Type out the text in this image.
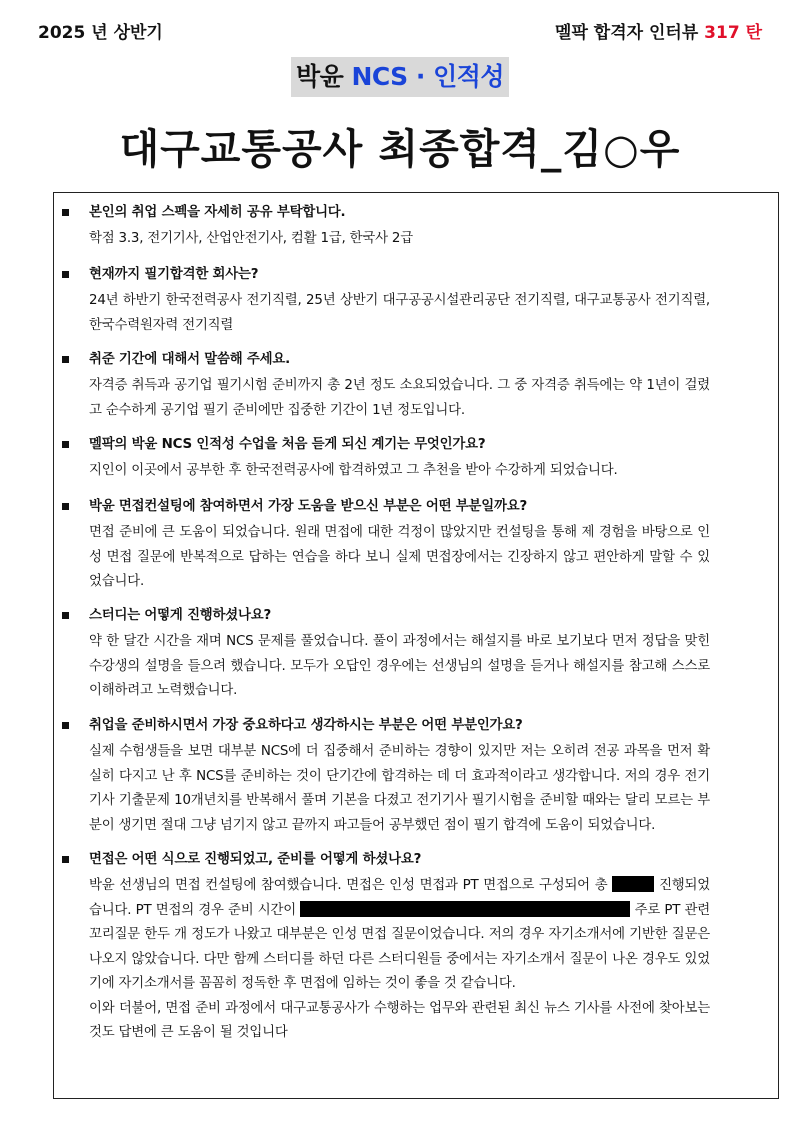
2025 년 상반기	멜팍 합격자 인터뷰 317 탄
박윤 NCS · 인적성
대구교통공사 최종합격_김○우
본인의 취업 스펙을 자세히 공유 부탁합니다.
학점 3.3, 전기기사, 산업안전기사, 컴활 1급, 한국사 2급
현재까지 필기합격한 회사는?
24년 하반기 한국전력공사 전기직렬, 25년 상반기 대구공공시설관리공단 전기직렬, 대구교통공사 전기직렬, 한국수력원자력 전기직렬
취준 기간에 대해서 말씀해 주세요.
자격증 취득과 공기업 필기시험 준비까지 총 2년 정도 소요되었습니다. 그 중 자격증 취득에는 약 1년이 걸렸고 순수하게 공기업 필기 준비에만 집중한 기간이 1년 정도입니다.
멜팍의 박윤 NCS 인적성 수업을 처음 듣게 되신 계기는 무엇인가요?
지인이 이곳에서 공부한 후 한국전력공사에 합격하였고 그 추천을 받아 수강하게 되었습니다.
박윤 면접컨설팅에 참여하면서 가장 도움을 받으신 부분은 어떤 부분일까요?
면접 준비에 큰 도움이 되었습니다. 원래 면접에 대한 걱정이 많았지만 컨설팅을 통해 제 경험을 바탕으로 인성 면접 질문에 반복적으로 답하는 연습을 하다 보니 실제 면접장에서는 긴장하지 않고 편안하게 말할 수 있었습니다.
스터디는 어떻게 진행하셨나요?
약 한 달간 시간을 재며 NCS 문제를 풀었습니다. 풀이 과정에서는 해설지를 바로 보기보다 먼저 정답을 맞힌 수강생의 설명을 들으려 했습니다. 모두가 오답인 경우에는 선생님의 설명을 듣거나 해설지를 참고해 스스로 이해하려고 노력했습니다.
취업을 준비하시면서 가장 중요하다고 생각하시는 부분은 어떤 부분인가요?
실제 수험생들을 보면 대부분 NCS에 더 집중해서 준비하는 경향이 있지만 저는 오히려 전공 과목을 먼저 확실히 다지고 난 후 NCS를 준비하는 것이 단기간에 합격하는 데 더 효과적이라고 생각합니다. 저의 경우 전기기사 기출문제 10개년치를 반복해서 풀며 기본을 다졌고 전기기사 필기시험을 준비할 때와는 달리 모르는 부분이 생기면 절대 그냥 넘기지 않고 끝까지 파고들어 공부했던 점이 필기 합격에 도움이 되었습니다.
면접은 어떤 식으로 진행되었고, 준비를 어떻게 하셨나요?

박윤 선생님의 면접 컨설팅에 참여했습니다. 면접은 인성 면접과 PT 면접으로 구성되어 총	진행되었습니다. PT 면접의 경우 준비 시간이	주로 PT 관련 꼬리질문 한두 개 정도가 나왔고 대부분은 인성 면접 질문이었습니다. 저의 경우 자기소개서에 기반한 질문은 나오지 않았습니다. 다만 함께 스터디를 하던 다른 스터디원들 중에서는 자기소개서 질문이 나온 경우도 있었기에 자기소개서를 꼼꼼히 정독한 후 면접에 임하는 것이 좋을 것 같습니다.

이와 더불어, 면접 준비 과정에서 대구교통공사가 수행하는 업무와 관련된 최신 뉴스 기사를 사전에 찾아보는 것도 답변에 큰 도움이 될 것입니다
